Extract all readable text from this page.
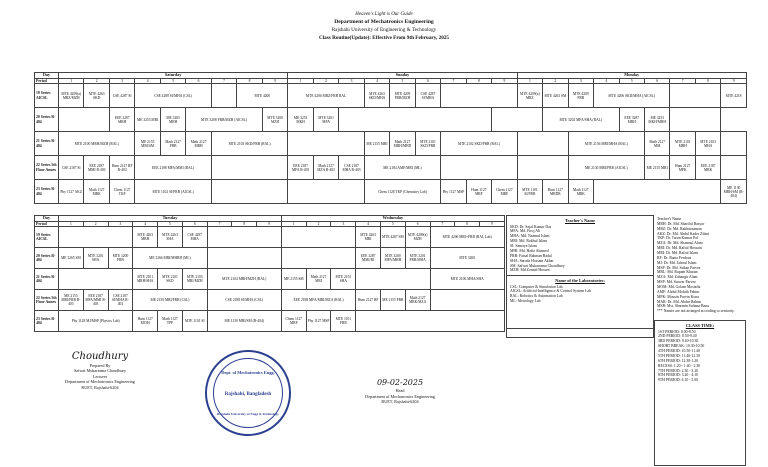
Heaven's Light is Our Guide
Department of Mechatronics Engineering
Rajshahi University of Engineering & Technology
Class Routine(Update): Effective From 9th February, 2025
Day	Saturday									Sunday									Monday								
Period	1	2	3	4	5	6	7	8	9	1	2	3	4	5	6	7	8	9	1	2	3	4	5	6	7	8	9
19 Series AICSL	MTE 4209(a) MRZ/MZH	MTE 4263 SKD	CSE 4287 SI	CSE 4288 SI/MHA (CSL)				MTE 4200		MTE 4206 MRZ/FRB RAL			MTE 4263 SKD/MHA	MTE 4209 FRB/MZH	CSE 4287 SI/MHA				MTE 4209(a) MRZ	MTE 4263 SM	MTE 4209 FRB	MTE 4206 SKD/MHA (AICSL)					MTE 4218
20 Series R-404			EEE 3287 MRH	ME 3253 MRI	ME 3265 MRH	MTE 3208 FRB/MZH (AICSL)			MTE 3200 MZH	ME 3253 MKH	MTE 3201 MFA									MTE 3202 MFA/SHA (RAL)			EEE 3287 MRH	ME 3253 MKH/MRH			
21 Series R-404	MTE 2100 MRH/MZH (RAL)			ME 2155 MRI/SM	Math 2127 FRB	Math 2127 MRH	MTE 2103 SKD/FRB (RAL)						ME 2155 MRI	Math 2127 MRH/MHD	MTE 2101 SKD/FRB	MTE 2102 SKD/FRB (RAL)					MTE 2156 MRI/MHA (RAL)			Math 2127 MM	MTE 2101 MRH	MTE 2103 MHA	
22 Series 5th Floor Annex	CSE 2187 SI	EEE 2187 MMI R-403	Hum 2127 RF R-403	EEE 2188 MFA/MMI (RAL)						EEE 2187 MFA R-403	Math 2127 MZA R-403	CSE 2187 MHA R-403	ME 2184 AMF/MRI (ML)								ME 2130 MRI/FRB (AICSL)			ME 2155 MRI	Hum 2127 MPK	EEE 2187 MRK	
23 Series R-404	Phy 1127 AKZ	Math 1127 MRK	Chem 1127 TKP	MTE 1102 SI/FRB (AICSL)									Chem 1128 TKP (Chemistry Lab)			Phy 1127 MSP	Hum 1127 MRF	Chem 1127 MRF	MTE 1101 SI/FRB	Hum 1127 MRDR	Math 1127 MRK						ME 1130 MRH/SM (R-404)
Day	Tuesday									Wednesday								
Period	1	2	3	4	5	6	7	8	9	1	2	3	4	5	6	7	8	9
19 Series AICSL				MTE 4263 MRH	MTE 4263 SHA	CSE 4287 MHA							MTE 4263 MRI	MTE 4287 SM	MTE 4209(a) MZH	MTE 4206 MRI+FRB (RAL Lab)		
20 Series R-404	ME 3265 SM	MTE 3201 SHA	MTE 3200 FRB	ME 3266 MRI/MHRH (ML)									EEE 3287 MMI/RI	MTE 3200 MFA/MRH	MTE 3201 FRB/MHA	MTE 3200		
21 Series R-404				MTE 2101 MRH/SHA	MTE 2101 SKD	MTE 2103 MRI/MZH	MTE 2104 MRH/MZH (RAL)			ME 2155 SM	Math 2127 MRI	MTE 2101 SHA				MTE 2106 MHA/SHA		
22 Series 5th Floor Annex	ME 2155 MRI/FRB R-403	EEE 2187 MFA/MMI R-403	CSE 2187 SI/MHA R-403	ME 2150 MRI/FRB (CSL)			CSE 2188 SI/MHA (CSL)			EEE 2188 MFA/MRI/MZA (RAL)			Hum 2127 RF	ME 2155 FRB	Math 2127 MRK/MZA			
23 Series R-404	Phy 1128 MJ/MSP (Physics Lab)			Hum 1127 MOM	Math 1127 TPP	MTE 1101 SI	ME 1130 MRI/SM (R-404)			Chem 1127 MRF	Phy 1127 MSP	MTE 1101 FRB						
Teacher's Name
SKD: Dr. Sajal Kumar Das
MFA: Md. Firoj Ali
MHA: Md. Nazmul Islam
MRI: Md. Rokhul Islam
SI: Samaya Islam
MHI: Md. Hafiz Ahamed
FRB: Faisal Rahman Badal
SHA: Saroda Hossain Akbar
SM: Safwat Mukarrama Choudhury
MZH: Md Zonaid Hossen
Name of the Laboratories:
CSL: Computer & Simulation Lab
AICSL: Artificial Intelligence & Control System Lab
RAL: Robotics & Automation Lab
ML: Metrology Lab
Teacher's Name
MRH: Dr. Md. Shariful Rasyar
MRZ: Dr. Md. Rakhuzzaman
AKZ: Dr. Md. Abdul Kader Zilani
TKP: Dr. Tarun Kumar Pal
MZA: Dr. Md. Shamsul Alam
MRI: Dr. Md. Rafiul Hossain
MRI: Dr. Md. Rafiul Islam
RF: Dr. Razia Ferdous
MJ: Dr. Md. Jahirul Islam
MSP: Dr. Md. Sultan Parvez
MRL: Md. Rupam Khatun
MZA: Md. Zahangir Alam
MSP: Md. Sarwar Parvez
MOM: Md. Golam Mostafiz
AMF: Abdul Mohith Fahim
MPK: Mousin Parvin Kona
MAR: Dr. Md. Abdur Rahim
MSB: Mst. Sharmin Sultana Banu
*** Names are not arranged according to seniority.
CLASS TIME:
1ST PERIOD: 8.00-8.50
2ND PERIOD: 8.50-9.40
3RD PERIOD: 9.40-10.30
SHORT BREAK: 10.30-10.50
4TH PERIOD: 10.50-11.40
5TH PERIOD: 11.40-12.30
6TH PERIOD: 12.30-1.20
RECESS: 1.20 - 1.40 - 2.30
7TH PERIOD: 2.30 - 3.20
8TH PERIOD: 3.20 - 4.10
9TH PERIOD: 4.10 - 5.00
Choudhury
Prepared By
Safwat Mukarrama Choudhury
Lecturer
Department of Mechatronics Engineering
RUET, Rajshahi-6204
Dept. of Mechatronics Engg.
Rajshahi, Bangladesh
Rajshahi University of Engg & Technology
09-02-2025
Head
Department of Mechatronics Engineering
RUET, Rajshahi-6204
